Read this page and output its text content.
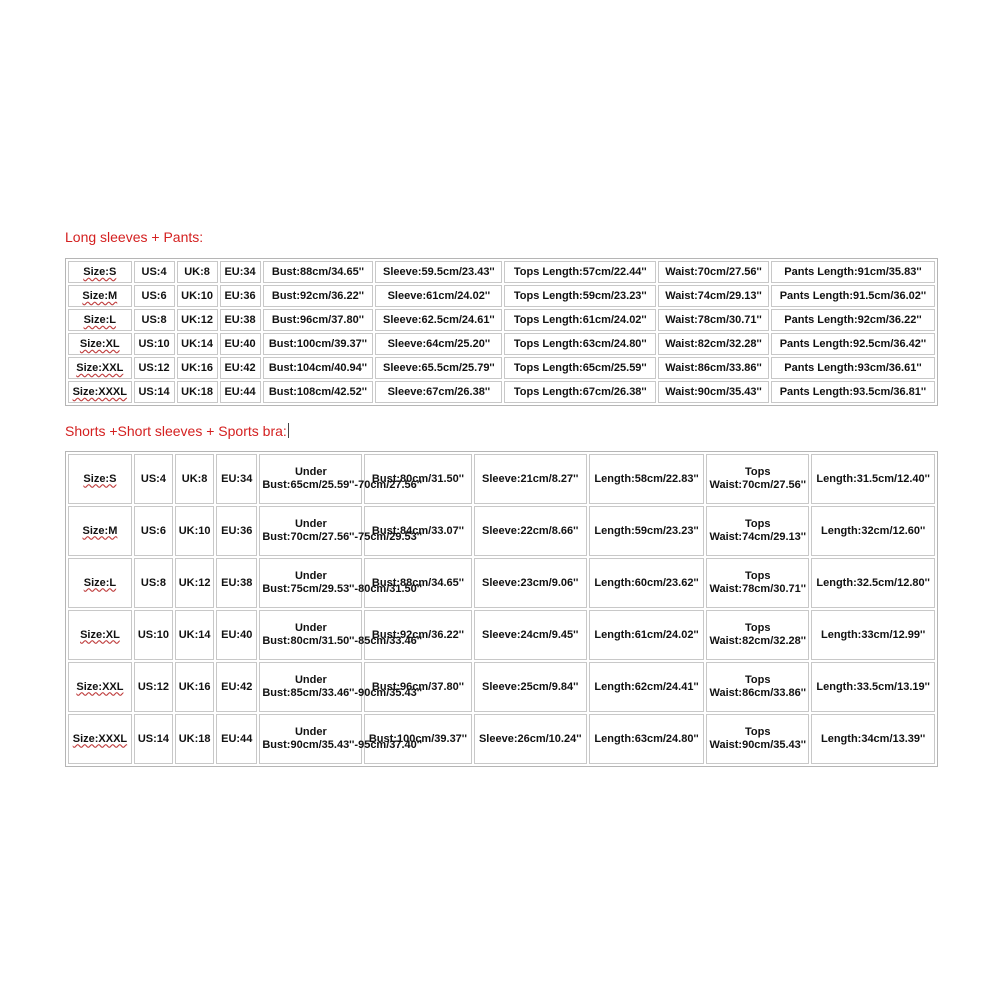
Long sleeves + Pants:
Size:S	US:4	UK:8	EU:34	Bust:88cm/34.65''	Sleeve:59.5cm/23.43''	Tops Length:57cm/22.44''	Waist:70cm/27.56''	Pants Length:91cm/35.83''
Size:M	US:6	UK:10	EU:36	Bust:92cm/36.22''	Sleeve:61cm/24.02''	Tops Length:59cm/23.23''	Waist:74cm/29.13''	Pants Length:91.5cm/36.02''
Size:L	US:8	UK:12	EU:38	Bust:96cm/37.80''	Sleeve:62.5cm/24.61''	Tops Length:61cm/24.02''	Waist:78cm/30.71''	Pants Length:92cm/36.22''
Size:XL	US:10	UK:14	EU:40	Bust:100cm/39.37''	Sleeve:64cm/25.20''	Tops Length:63cm/24.80''	Waist:82cm/32.28''	Pants Length:92.5cm/36.42''
Size:XXL	US:12	UK:16	EU:42	Bust:104cm/40.94''	Sleeve:65.5cm/25.79''	Tops Length:65cm/25.59''	Waist:86cm/33.86''	Pants Length:93cm/36.61''
Size:XXXL	US:14	UK:18	EU:44	Bust:108cm/42.52''	Sleeve:67cm/26.38''	Tops Length:67cm/26.38''	Waist:90cm/35.43''	Pants Length:93.5cm/36.81''
Shorts +Short sleeves + Sports bra:
Size:S	US:4	UK:8	EU:34	Under Bust:65cm/25.59''-70cm/27.56''	Bust:80cm/31.50''	Sleeve:21cm/8.27''	Length:58cm/22.83''	Tops Waist:70cm/27.56''	Length:31.5cm/12.40''
Size:M	US:6	UK:10	EU:36	Under Bust:70cm/27.56''-75cm/29.53''	Bust:84cm/33.07''	Sleeve:22cm/8.66''	Length:59cm/23.23''	Tops Waist:74cm/29.13''	Length:32cm/12.60''
Size:L	US:8	UK:12	EU:38	Under Bust:75cm/29.53''-80cm/31.50''	Bust:88cm/34.65''	Sleeve:23cm/9.06''	Length:60cm/23.62''	Tops Waist:78cm/30.71''	Length:32.5cm/12.80''
Size:XL	US:10	UK:14	EU:40	Under Bust:80cm/31.50''-85cm/33.46''	Bust:92cm/36.22''	Sleeve:24cm/9.45''	Length:61cm/24.02''	Tops Waist:82cm/32.28''	Length:33cm/12.99''
Size:XXL	US:12	UK:16	EU:42	Under Bust:85cm/33.46''-90cm/35.43''	Bust:96cm/37.80''	Sleeve:25cm/9.84''	Length:62cm/24.41''	Tops Waist:86cm/33.86''	Length:33.5cm/13.19''
Size:XXXL	US:14	UK:18	EU:44	Under Bust:90cm/35.43''-95cm/37.40''	Bust:100cm/39.37''	Sleeve:26cm/10.24''	Length:63cm/24.80''	Tops Waist:90cm/35.43''	Length:34cm/13.39''
